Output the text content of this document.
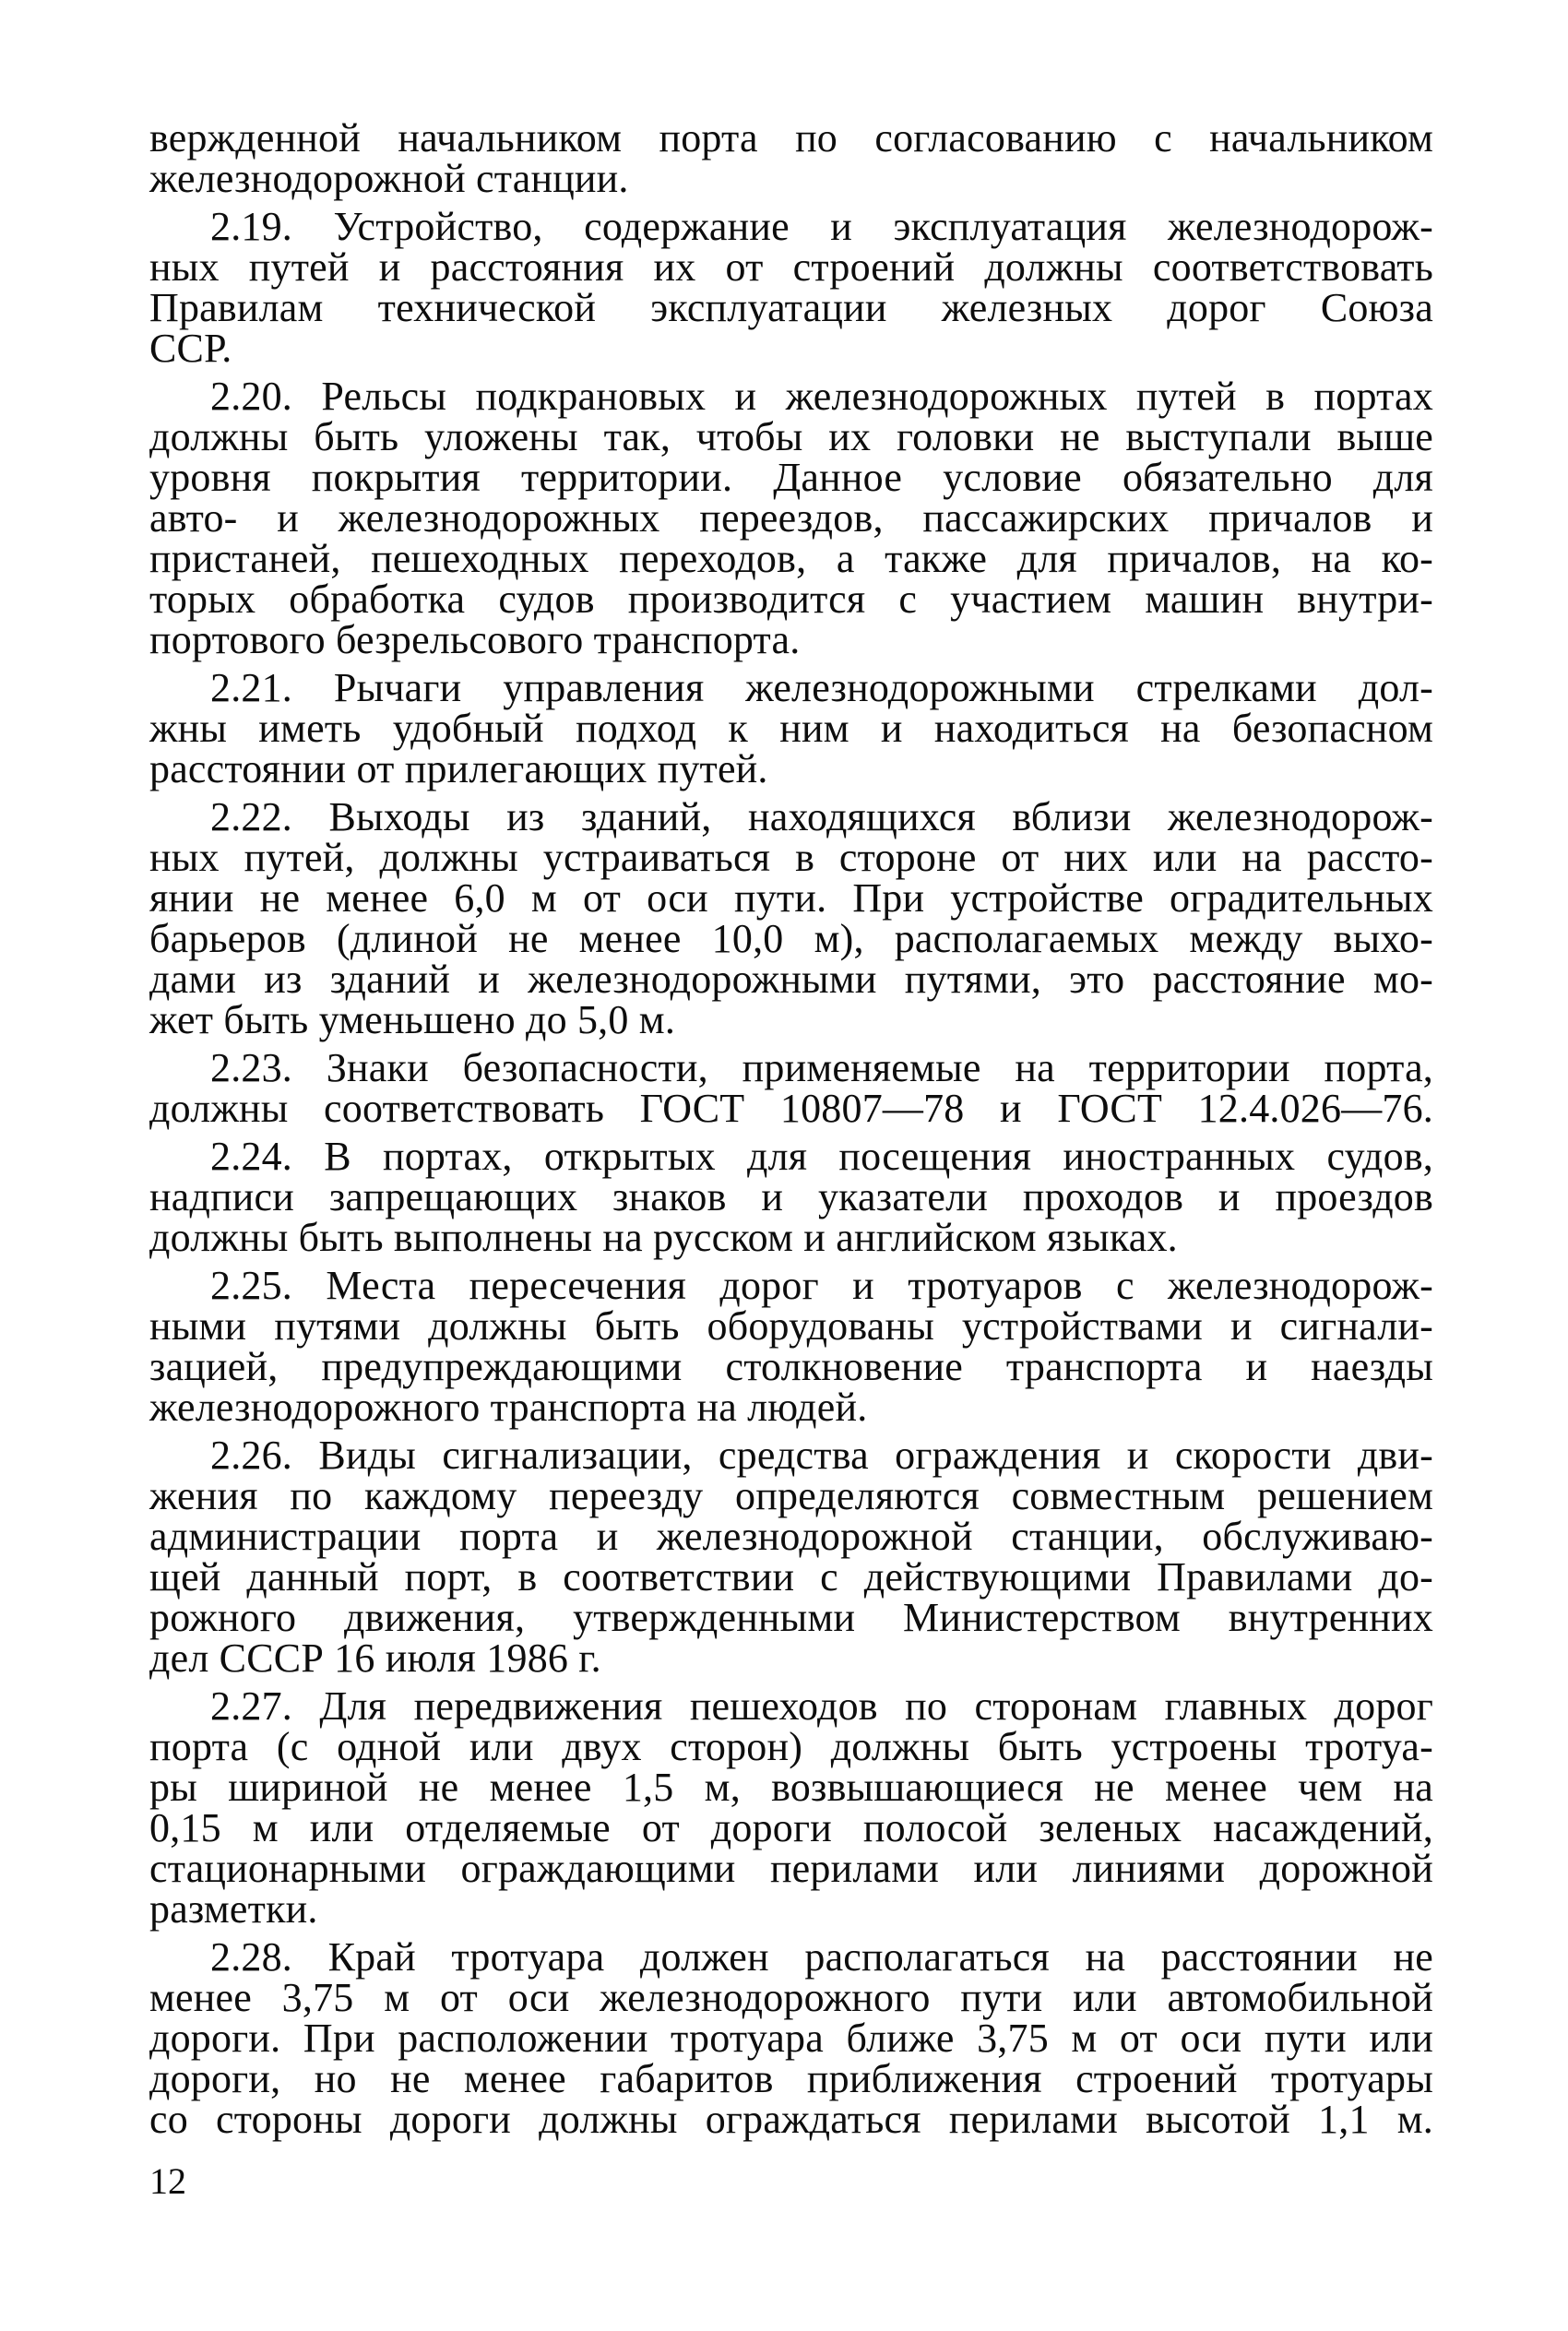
вержденной начальником порта по согласованию с начальником
железнодорожной станции.
2.19. Устройство, содержание и эксплуатация железнодорож-
ных путей и расстояния их от строений должны соответствовать
Правилам технической эксплуатации железных дорог Союза
ССР.
2.20. Рельсы подкрановых и железнодорожных путей в портах
должны быть уложены так, чтобы их головки не выступали выше
уровня покрытия территории. Данное условие обязательно для
авто- и железнодорожных переездов, пассажирских причалов и
пристаней, пешеходных переходов, а также для причалов, на ко-
торых обработка судов производится с участием машин внутри-
портового безрельсового транспорта.
2.21. Рычаги управления железнодорожными стрелками дол-
жны иметь удобный подход к ним и находиться на безопасном
расстоянии от прилегающих путей.
2.22. Выходы из зданий, находящихся вблизи железнодорож-
ных путей, должны устраиваться в стороне от них или на рассто-
янии не менее 6,0 м от оси пути. При устройстве оградительных
барьеров (длиной не менее 10,0 м), располагаемых между выхо-
дами из зданий и железнодорожными путями, это расстояние мо-
жет быть уменьшено до 5,0 м.
2.23. Знаки безопасности, применяемые на территории порта,
должны соответствовать ГОСТ 10807—78 и ГОСТ 12.4.026—76.
2.24. В портах, открытых для посещения иностранных судов,
надписи запрещающих знаков и указатели проходов и проездов
должны быть выполнены на русском и английском языках.
2.25. Места пересечения дорог и тротуаров с железнодорож-
ными путями должны быть оборудованы устройствами и сигнали-
зацией, предупреждающими столкновение транспорта и наезды
железнодорожного транспорта на людей.
2.26. Виды сигнализации, средства ограждения и скорости дви-
жения по каждому переезду определяются совместным решением
администрации порта и железнодорожной станции, обслуживаю-
щей данный порт, в соответствии с действующими Правилами до-
рожного движения, утвержденными Министерством внутренних
дел СССР 16 июля 1986 г.
2.27. Для передвижения пешеходов по сторонам главных дорог
порта (с одной или двух сторон) должны быть устроены тротуа-
ры шириной не менее 1,5 м, возвышающиеся не менее чем на
0,15 м или отделяемые от дороги полосой зеленых насаждений,
стационарными ограждающими перилами или линиями дорожной
разметки.
2.28. Край тротуара должен располагаться на расстоянии не
менее 3,75 м от оси железнодорожного пути или автомобильной
дороги. При расположении тротуара ближе 3,75 м от оси пути или
дороги, но не менее габаритов приближения строений тротуары
со стороны дороги должны ограждаться перилами высотой 1,1 м.
12
